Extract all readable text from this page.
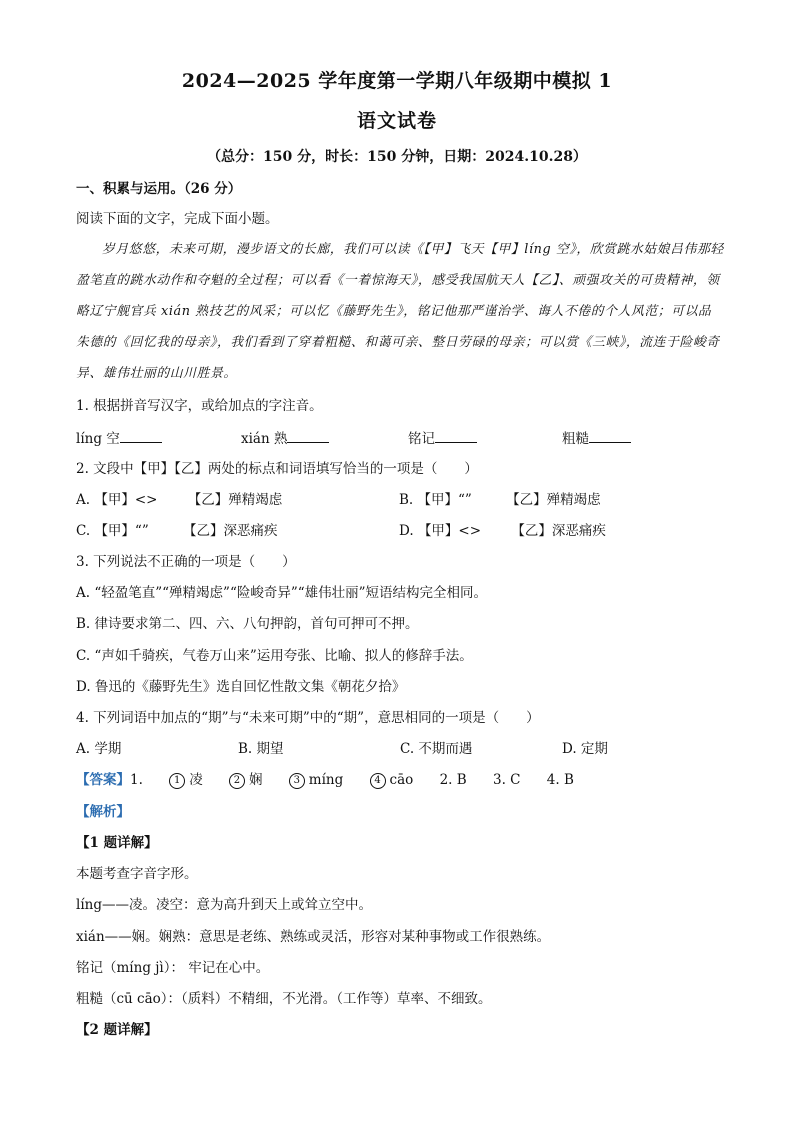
2024—2025 学年度第一学期八年级期中模拟 1
语文试卷
（总分：150 分，时长：150 分钟，日期：2024.10.28）
一、积累与运用。（26 分）
阅读下面的文字，完成下面小题。
岁月悠悠，未来可期，漫步语文的长廊，我们可以读《【甲】飞天【甲】líng 空》，欣赏跳水姑娘吕伟那轻盈笔直的跳水动作和夺魁的全过程；可以看《一着惊海天》，感受我国航天人【乙】、顽强攻关的可贵精神，领略辽宁舰官兵 xián 熟技艺的风采；可以忆《藤野先生》，铭记他那严谨治学、诲人不倦的个人风范；可以品朱德的《回忆我的母亲》，我们看到了穿着粗糙、和蔼可亲、整日劳碌的母亲；可以赏《三峡》，流连于险峻奇异、雄伟壮丽的山川胜景。
1. 根据拼音写汉字，或给加点的字注音。
líng 空	xián 熟	铭记	粗糙
2. 文段中【甲】【乙】两处的标点和词语填写恰当的一项是（　　）
A. 【甲】<> 【乙】殚精竭虑	B. 【甲】“”	【乙】殚精竭虑
C. 【甲】“”	【乙】深恶痛疾	D. 【甲】<> 【乙】深恶痛疾
3. 下列说法不正确的一项是（　　）
A. “轻盈笔直”“殚精竭虑”“险峻奇异”“雄伟壮丽”短语结构完全相同。
B. 律诗要求第二、四、六、八句押韵，首句可押可不押。
C. “声如千骑疾，气卷万山来”运用夸张、比喻、拟人的修辞手法。
D. 鲁迅的《藤野先生》选自回忆性散文集《朝花夕拾》
4. 下列词语中加点的“期”与“未来可期”中的“期”，意思相同的一项是（　　）
A. 学期	B. 期望	C. 不期而遇	D. 定期
【答案】1.	1 凌	2 娴	3 míng	4 cāo 2. B 3. C 4. B
【解析】
【1 题详解】
本题考查字音字形。
líng——凌。凌空：意为高升到天上或耸立空中。
xián——娴。娴熟：意思是老练、熟练或灵活，形容对某种事物或工作很熟练。
铭记（míng jì）： 牢记在心中。
粗糙（cū cāo）：（质料）不精细，不光滑。（工作等）草率、不细致。
【2 题详解】
